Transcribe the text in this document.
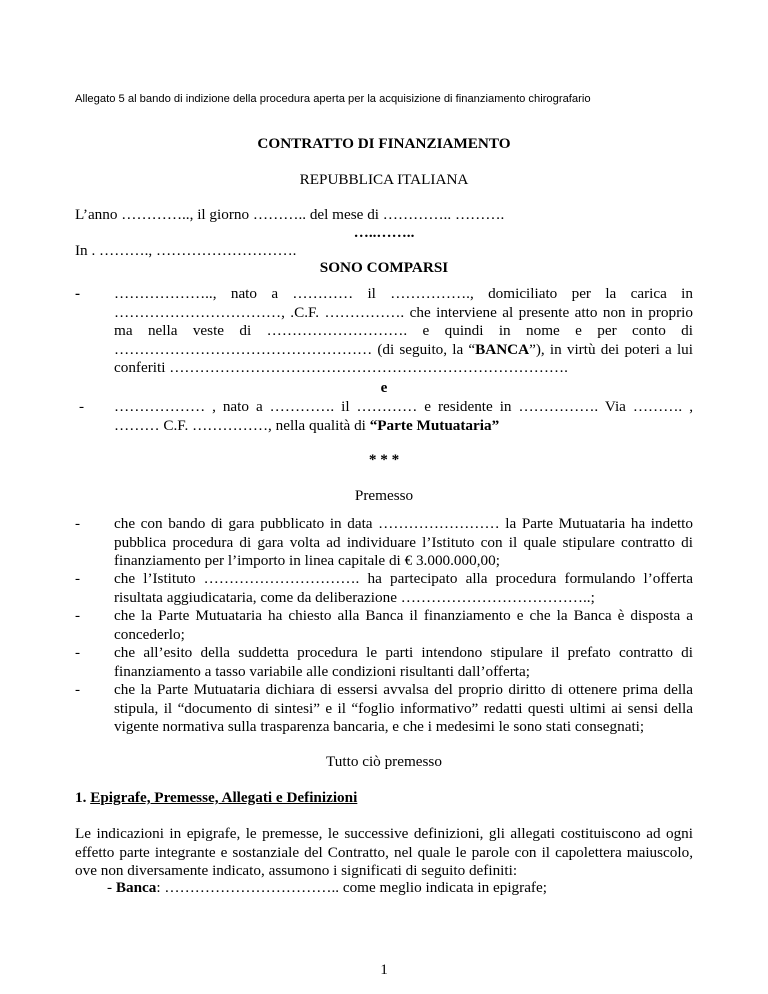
Allegato 5 al bando di indizione della procedura aperta per la acquisizione di finanziamento chirografario
CONTRATTO DI FINANZIAMENTO
REPUBBLICA ITALIANA
L’anno ………….., il giorno ……….. del mese di ………….. ……….
…..……..
In . ………., ……………………….
SONO COMPARSI
- ……………….., nato a ………… il ……………., domiciliato per la carica in
……………………………, .C.F. ……………. che interviene al presente atto non in proprio
ma nella veste di ………………………. e quindi in nome e per conto di
…………………………………………… (di seguito, la “BANCA”), in virtù dei poteri a lui
conferiti …………………………………………………………………….
e
- ……………… , nato a …………. il ………… e residente in ……………. Via ………. ,
……… C.F. ……………, nella qualità di “Parte Mutuataria”
* * *
Premesso
- che con bando di gara pubblicato in data …………………… la Parte Mutuataria ha indetto
pubblica procedura di gara volta ad individuare l’Istituto con il quale stipulare contratto di
finanziamento per l’importo in linea capitale di € 3.000.000,00;
- che l’Istituto …………………………. ha partecipato alla procedura formulando l’offerta
risultata aggiudicataria, come da deliberazione ………………………………..;
- che la Parte Mutuataria ha chiesto alla Banca il finanziamento e che la Banca è disposta a
concederlo;
- che all’esito della suddetta procedura le parti intendono stipulare il prefato contratto di
finanziamento a tasso variabile alle condizioni risultanti dall’offerta;
- che la Parte Mutuataria dichiara di essersi avvalsa del proprio diritto di ottenere prima della
stipula, il “documento di sintesi” e il “foglio informativo” redatti questi ultimi ai sensi della
vigente normativa sulla trasparenza bancaria, e che i medesimi le sono stati consegnati;
Tutto ciò premesso
1. Epigrafe, Premesse, Allegati e Definizioni
Le indicazioni in epigrafe, le premesse, le successive definizioni, gli allegati costituiscono ad ogni
effetto parte integrante e sostanziale del Contratto, nel quale le parole con il capolettera maiuscolo,
ove non diversamente indicato, assumono i significati di seguito definiti:
- Banca: …………………………….. come meglio indicata in epigrafe;
1
